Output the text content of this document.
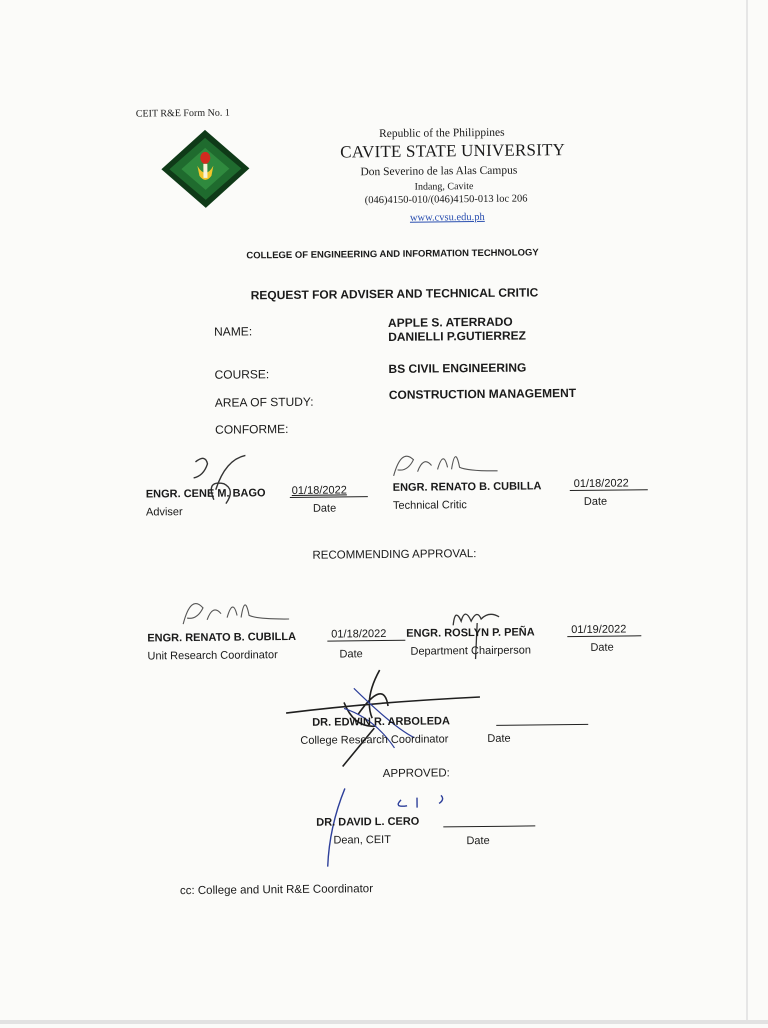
CEIT R&E Form No. 1
Republic of the Philippines
CAVITE STATE UNIVERSITY
Don Severino de las Alas Campus
Indang, Cavite
(046)4150-010/(046)4150-013 loc 206
www.cvsu.edu.ph
COLLEGE OF ENGINEERING AND INFORMATION TECHNOLOGY
REQUEST FOR ADVISER AND TECHNICAL CRITIC
NAME:
APPLE S. ATERRADO
DANIELLI P.GUTIERREZ
COURSE:	BS CIVIL ENGINEERING
AREA OF STUDY:
CONSTRUCTION MANAGEMENT
CONFORME:
ENGR. CENE M. BAGO 01/18/2022
Adviser	Date
ENGR. RENATO B. CUBILLA	01/18/2022
Technical Critic	Date
RECOMMENDING APPROVAL:
ENGR. RENATO B. CUBILLA	01/18/2022
Unit Research Coordinator	Date
ENGR. ROSLYN P. PEÑA	01/19/2022
Department Chairperson	Date
DR. EDWIN R. ARBOLEDA
College Research Coordinator	Date
APPROVED:
DR. DAVID L. CERO
Dean, CEIT	Date
cc: College and Unit R&E Coordinator
